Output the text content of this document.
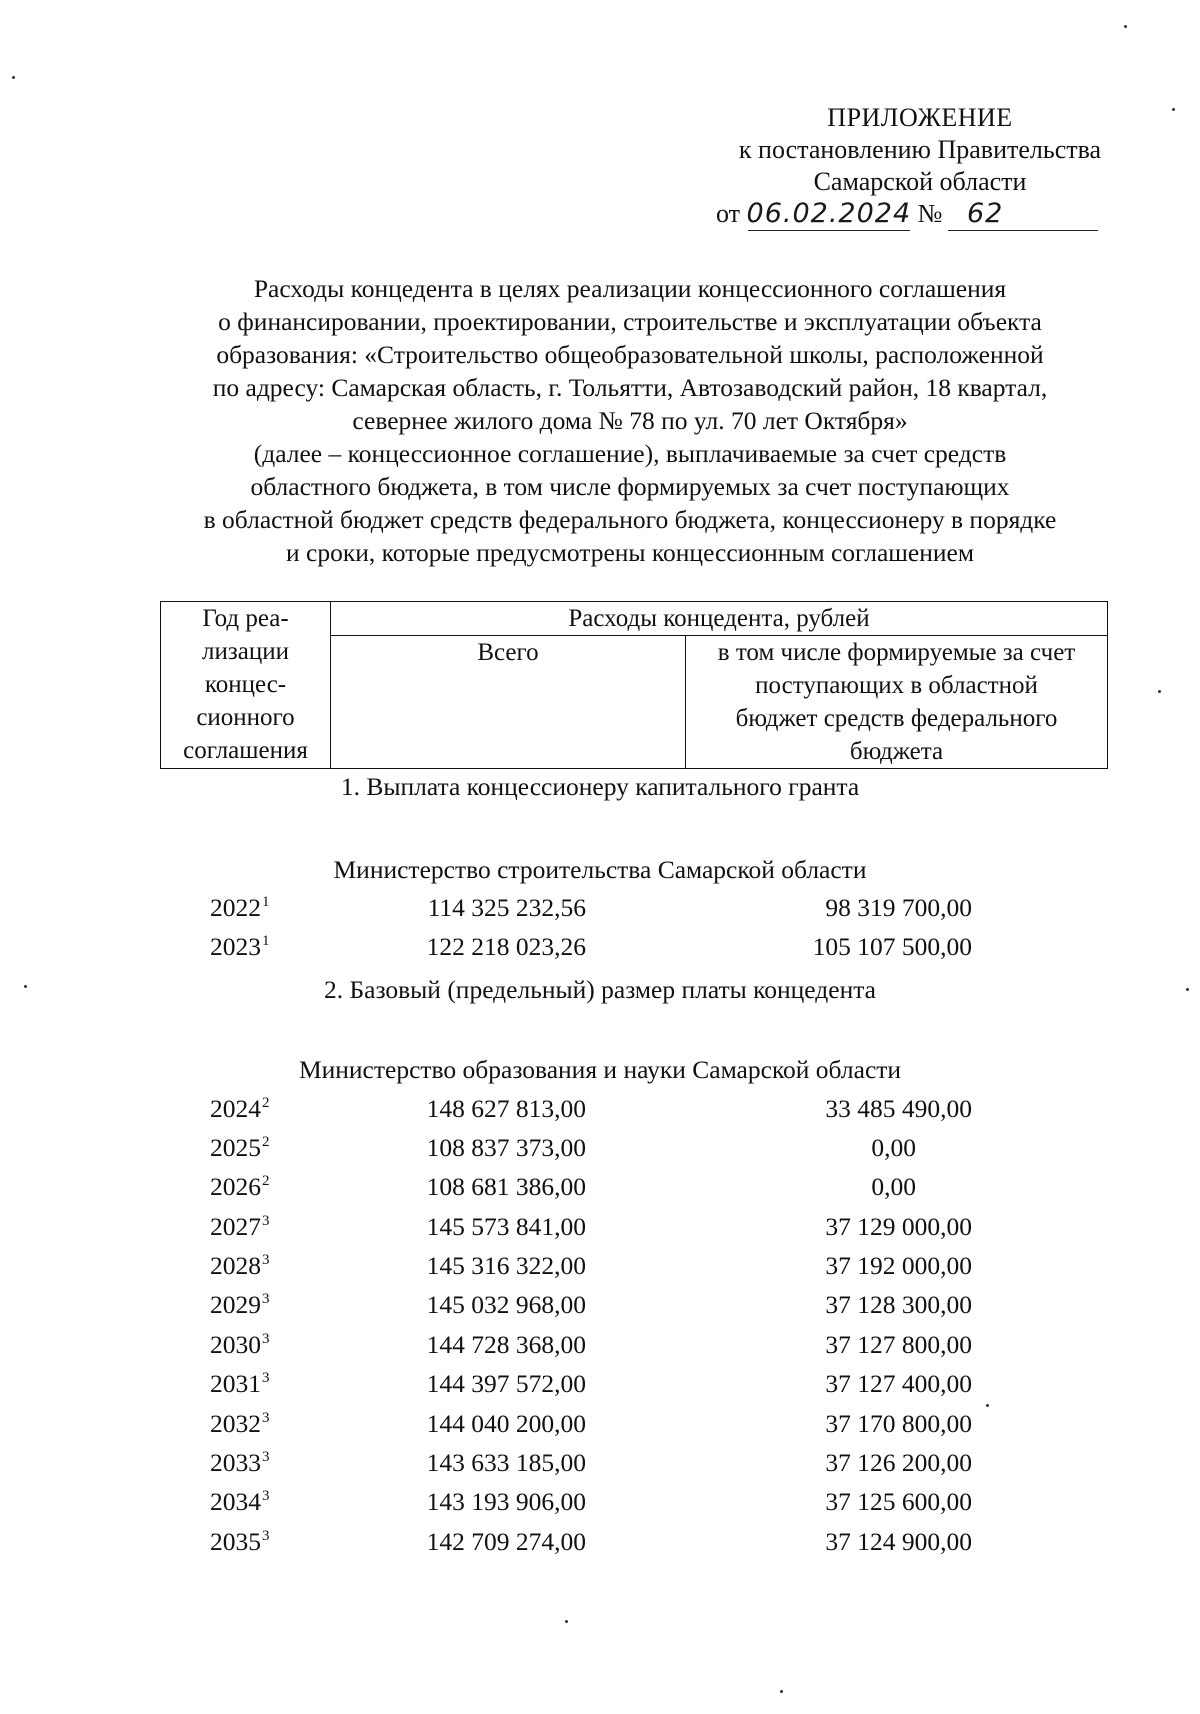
ПРИЛОЖЕНИЕ
к постановлению Правительства
Самарской области
от 06.02.2024 № 62
Расходы концедента в целях реализации концессионного соглашения
о финансировании, проектировании, строительстве и эксплуатации объекта
образования: «Строительство общеобразовательной школы, расположенной
по адресу: Самарская область, г. Тольятти, Автозаводский район, 18 квартал,
севернее жилого дома № 78 по ул. 70 лет Октября»
(далее – концессионное соглашение), выплачиваемые за счет средств
областного бюджета, в том числе формируемых за счет поступающих
в областной бюджет средств федерального бюджета, концессионеру в порядке
и сроки, которые предусмотрены концессионным соглашением
Год реа-
лизации
концес-
сионного
соглашения	Расходы концедента, рублей	
	Всего	в том числе формируемые за счет
поступающих в областной
бюджет средств федерального
бюджета
1. Выплата концессионеру капитального гранта
Министерство строительства Самарской области
2022$^1$	114 325 232,56	98 319 700,00
2023$^1$	122 218 023,26	105 107 500,00
2. Базовый (предельный) размер платы концедента
Министерство образования и науки Самарской области
2024$^2$	148 627 813,00	33 485 490,00
2025$^2$	108 837 373,00	0,00
2026$^2$	108 681 386,00	0,00
2027$^3$	145 573 841,00	37 129 000,00
2028$^3$	145 316 322,00	37 192 000,00
2029$^3$	145 032 968,00	37 128 300,00
2030$^3$	144 728 368,00	37 127 800,00
2031$^3$	144 397 572,00	37 127 400,00
2032$^3$	144 040 200,00	37 170 800,00
2033$^3$	143 633 185,00	37 126 200,00
2034$^3$	143 193 906,00	37 125 600,00
2035$^3$	142 709 274,00	37 124 900,00
